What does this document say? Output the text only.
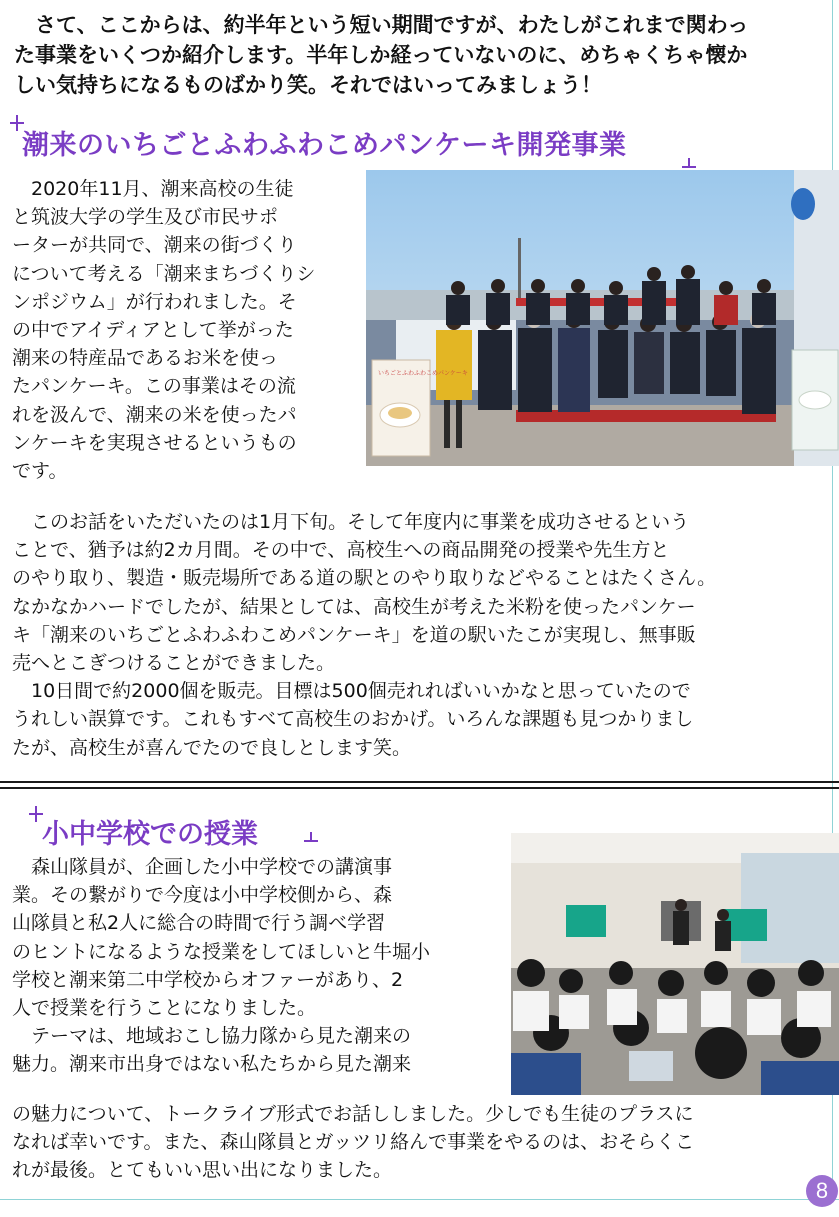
さて、ここからは、約半年という短い期間ですが、わたしがこれまで関わっ

た事業をいくつか紹介します。半年しか経っていないのに、めちゃくちゃ懐か

しい気持ちになるものばかり笑。それではいってみましょう！

潮来のいちごとふわふわこめパンケーキ開発事業
いちごとふわふわこめパンケーキ

2020年11月、潮来高校の生徒

と筑波大学の学生及び市民サポ

ーターが共同で、潮来の街づくり

について考える「潮来まちづくりシ

ンポジウム」が行われました。そ

の中でアイディアとして挙がった

潮来の特産品であるお米を使っ

たパンケーキ。この事業はその流

れを汲んで、潮来の米を使ったパ

ンケーキを実現させるというもの

です。

このお話をいただいたのは1月下旬。そして年度内に事業を成功させるという

ことで、猶予は約2カ月間。その中で、高校生への商品開発の授業や先生方と

のやり取り、製造・販売場所である道の駅とのやり取りなどやることはたくさん。

なかなかハードでしたが、結果としては、高校生が考えた米粉を使ったパンケー

キ「潮来のいちごとふわふわこめパンケーキ」を道の駅いたこが実現し、無事販

売へとこぎつけることができました。

10日間で約2000個を販売。目標は500個売れればいいかなと思っていたので

うれしい誤算です。これもすべて高校生のおかげ。いろんな課題も見つかりまし

たが、高校生が喜んでたので良しとします笑。

小中学校での授業

森山隊員が、企画した小中学校での講演事

業。その繋がりで今度は小中学校側から、森

山隊員と私2人に総合の時間で行う調べ学習

のヒントになるような授業をしてほしいと牛堀小

学校と潮来第二中学校からオファーがあり、2

人で授業を行うことになりました。

テーマは、地域おこし協力隊から見た潮来の

魅力。潮来市出身ではない私たちから見た潮来

の魅力について、トークライブ形式でお話ししました。少しでも生徒のプラスに

なれば幸いです。また、森山隊員とガッツリ絡んで事業をやるのは、おそらくこ

れが最後。とてもいい思い出になりました。

8
